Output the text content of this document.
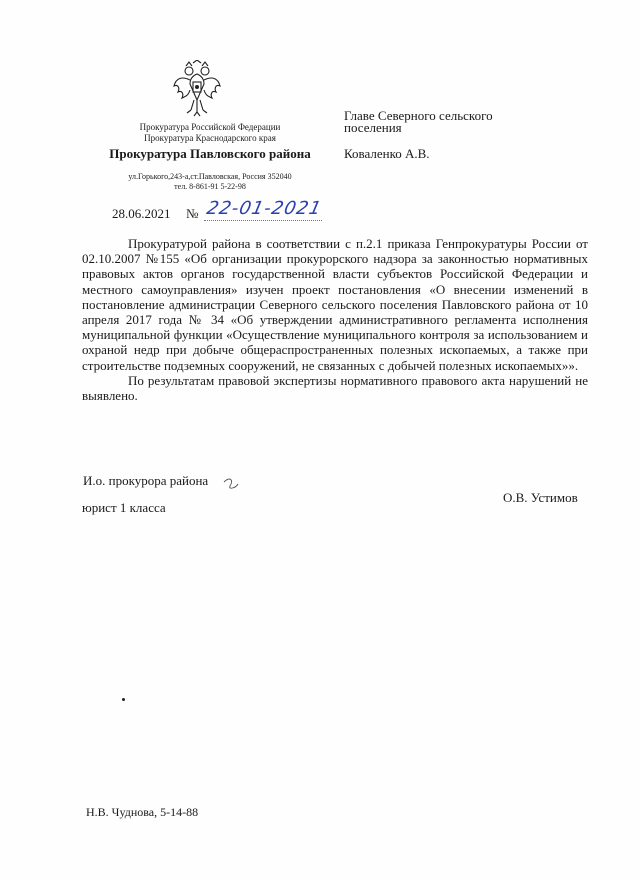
Прокуратура Российской Федерации
Прокуратура Краснодарского края
Прокуратура Павловского района
ул.Горького,243-а,ст.Павловская, Россия 352040
тел. 8-861-91 5-22-98
28.06.2021 № 22-01-2021
Главе Северного сельского
поселения
Коваленко А.В.

Прокуратурой района в соответствии с п.2.1 приказа Генпрокуратуры России от 02.10.2007 №155 «Об организации прокурорского надзора за законностью нормативных правовых актов органов государственной власти субъектов Российской Федерации и местного самоуправления» изучен проект постановления «О внесении изменений в постановление администрации Северного сельского поселения Павловского района от 10 апреля 2017 года № 34 «Об утверждении административного регламента исполнения муниципальной функции «Осуществление муниципального контроля за использованием и охраной недр при добыче общераспространенных полезных ископаемых, а также при строительстве подземных сооружений, не связанных с добычей полезных ископаемых»».

По результатам правовой экспертизы нормативного правового акта нарушений не выявлено.

И.о. прокурора района
юрист 1 класса
О.В. Устимов
Н.В. Чуднова, 5-14-88
